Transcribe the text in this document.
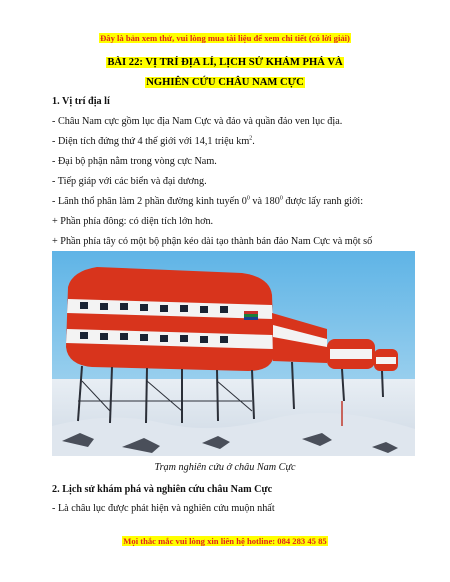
Đây là bản xem thử, vui lòng mua tài liệu để xem chi tiết (có lời giải)
BÀI 22: VỊ TRÍ ĐỊA LÍ, LỊCH SỬ KHÁM PHÁ VÀ
NGHIÊN CỨU CHÂU NAM CỰC
1. Vị trí địa lí
- Châu Nam cực gồm lục địa Nam Cực và đảo và quần đảo ven lục địa.
- Diện tích đứng thứ 4 thế giới với 14,1 triệu $km^2$.
- Đại bộ phận nằm trong vòng cực Nam.
- Tiếp giáp với các biển và đại dương.
- Lãnh thổ phân làm 2 phần đường kinh tuyến $0^0$ và $180^0$ được lấy ranh giới:
+ Phần phía đông: có diện tích lớn hơn.
+ Phần phía tây có một bộ phận kéo dài tạo thành bán đảo Nam Cực và một số
Trạm nghiên cứu ở châu Nam Cực
2. Lịch sử khám phá và nghiên cứu châu Nam Cực
- Là châu lục được phát hiện và nghiên cứu muộn nhất
Mọi thắc mắc vui lòng xin liên hệ hotline: 084 283 45 85
